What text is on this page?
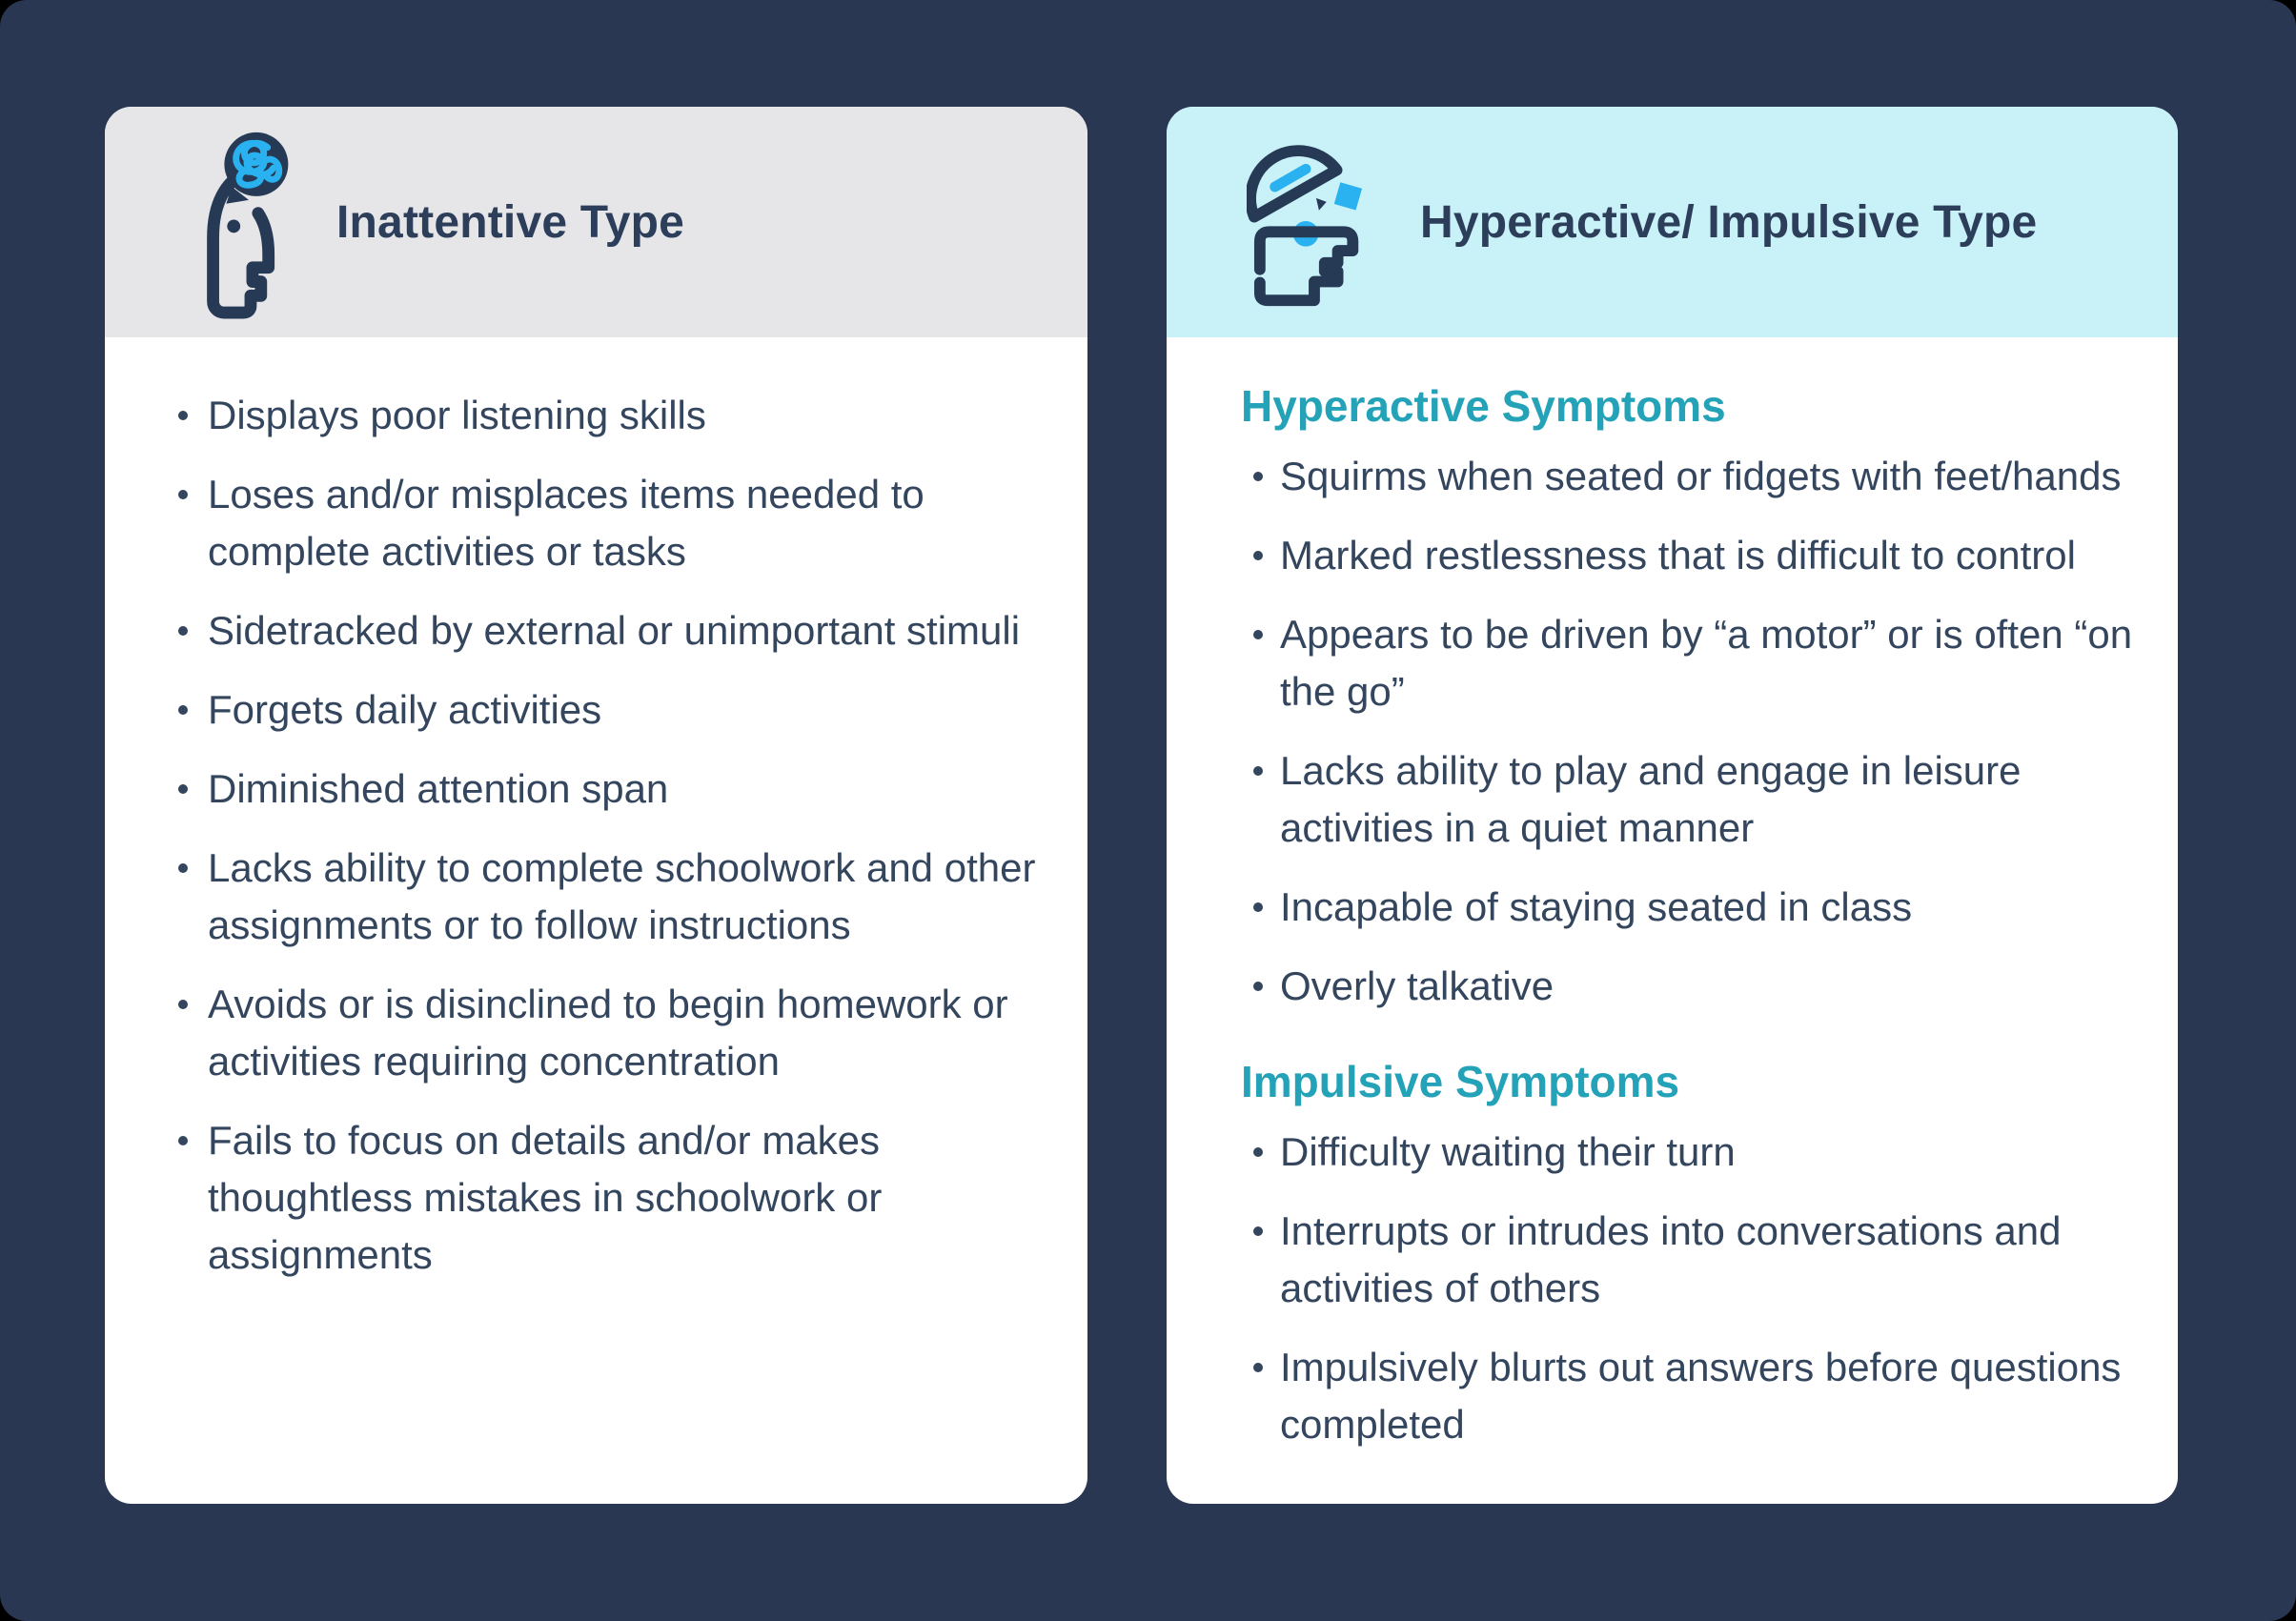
Inattentive Type
Displays poor listening skills
Loses and/or misplaces items needed to complete activities or tasks
Sidetracked by external or unimportant stimuli
Forgets daily activities
Diminished attention span
Lacks ability to complete schoolwork and other assignments or to follow instructions
Avoids or is disinclined to begin homework or activities requiring concentration
Fails to focus on details and/or makes thoughtless mistakes in schoolwork or assignments
Hyperactive/ Impulsive Type
Hyperactive Symptoms
Squirms when seated or fidgets with feet/hands
Marked restlessness that is difficult to control
Appears to be driven by “a motor” or is often “on the go”
Lacks ability to play and engage in leisure activities in a quiet manner
Incapable of staying seated in class
Overly talkative
Impulsive Symptoms
Difficulty waiting their turn
Interrupts or intrudes into conversations and activities of others
Impulsively blurts out answers before questions completed
